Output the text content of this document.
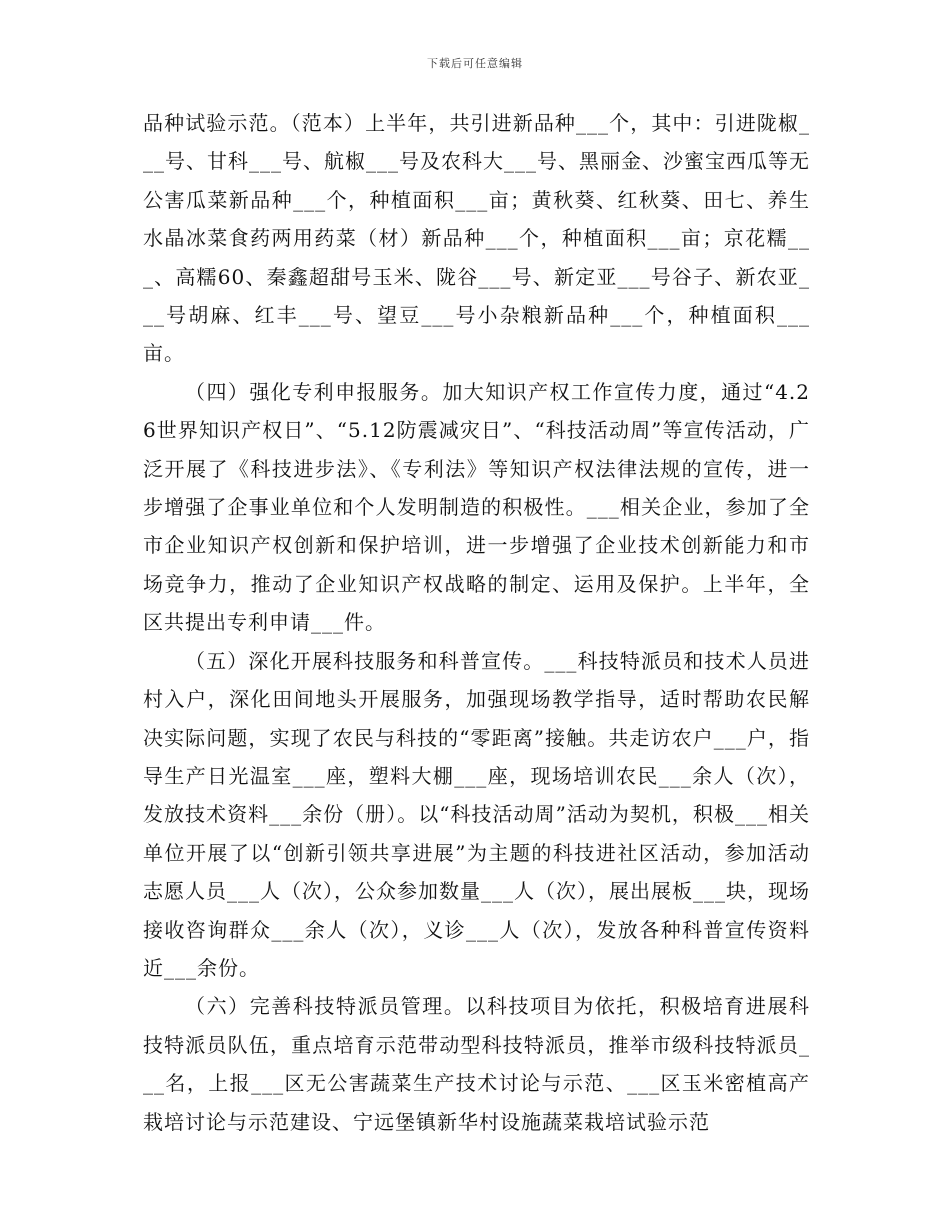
下载后可任意编辑

品种试验示范。（范本）上半年，共引进新品种___个，其中：引进陇椒___号、甘科___号、航椒___号及农科大___号、黑丽金、沙蜜宝西瓜等无公害瓜菜新品种___个，种植面积___亩；黄秋葵、红秋葵、田七、养生水晶冰菜食药两用药菜（材）新品种___个，种植面积___亩；京花糯___、高糯60、秦鑫超甜号玉米、陇谷___号、新定亚___号谷子、新农亚___号胡麻、红丰___号、望豆___号小杂粮新品种___个，种植面积___亩。

（四）强化专利申报服务。加大知识产权工作宣传力度，通过“4.26世界知识产权日”、“5.12防震减灾日”、“科技活动周”等宣传活动，广泛开展了《科技进步法》、《专利法》等知识产权法律法规的宣传，进一步增强了企事业单位和个人发明制造的积极性。___相关企业，参加了全市企业知识产权创新和保护培训，进一步增强了企业技术创新能力和市场竞争力，推动了企业知识产权战略的制定、运用及保护。上半年，全区共提出专利申请___件。

（五）深化开展科技服务和科普宣传。___科技特派员和技术人员进村入户，深化田间地头开展服务，加强现场教学指导，适时帮助农民解决实际问题，实现了农民与科技的“零距离”接触。共走访农户___户，指导生产日光温室___座，塑料大棚___座，现场培训农民___余人（次），发放技术资料___余份（册）。以“科技活动周”活动为契机，积极___相关单位开展了以“创新引领共享进展”为主题的科技进社区活动，参加活动志愿人员___人（次），公众参加数量___人（次），展出展板___块，现场接收咨询群众___余人（次），义诊___人（次），发放各种科普宣传资料近___余份。

（六）完善科技特派员管理。以科技项目为依托，积极培育进展科技特派员队伍，重点培育示范带动型科技特派员，推举市级科技特派员___名，上报___区无公害蔬菜生产技术讨论与示范、___区玉米密植高产栽培讨论与示范建设、宁远堡镇新华村设施蔬菜栽培试验示范
